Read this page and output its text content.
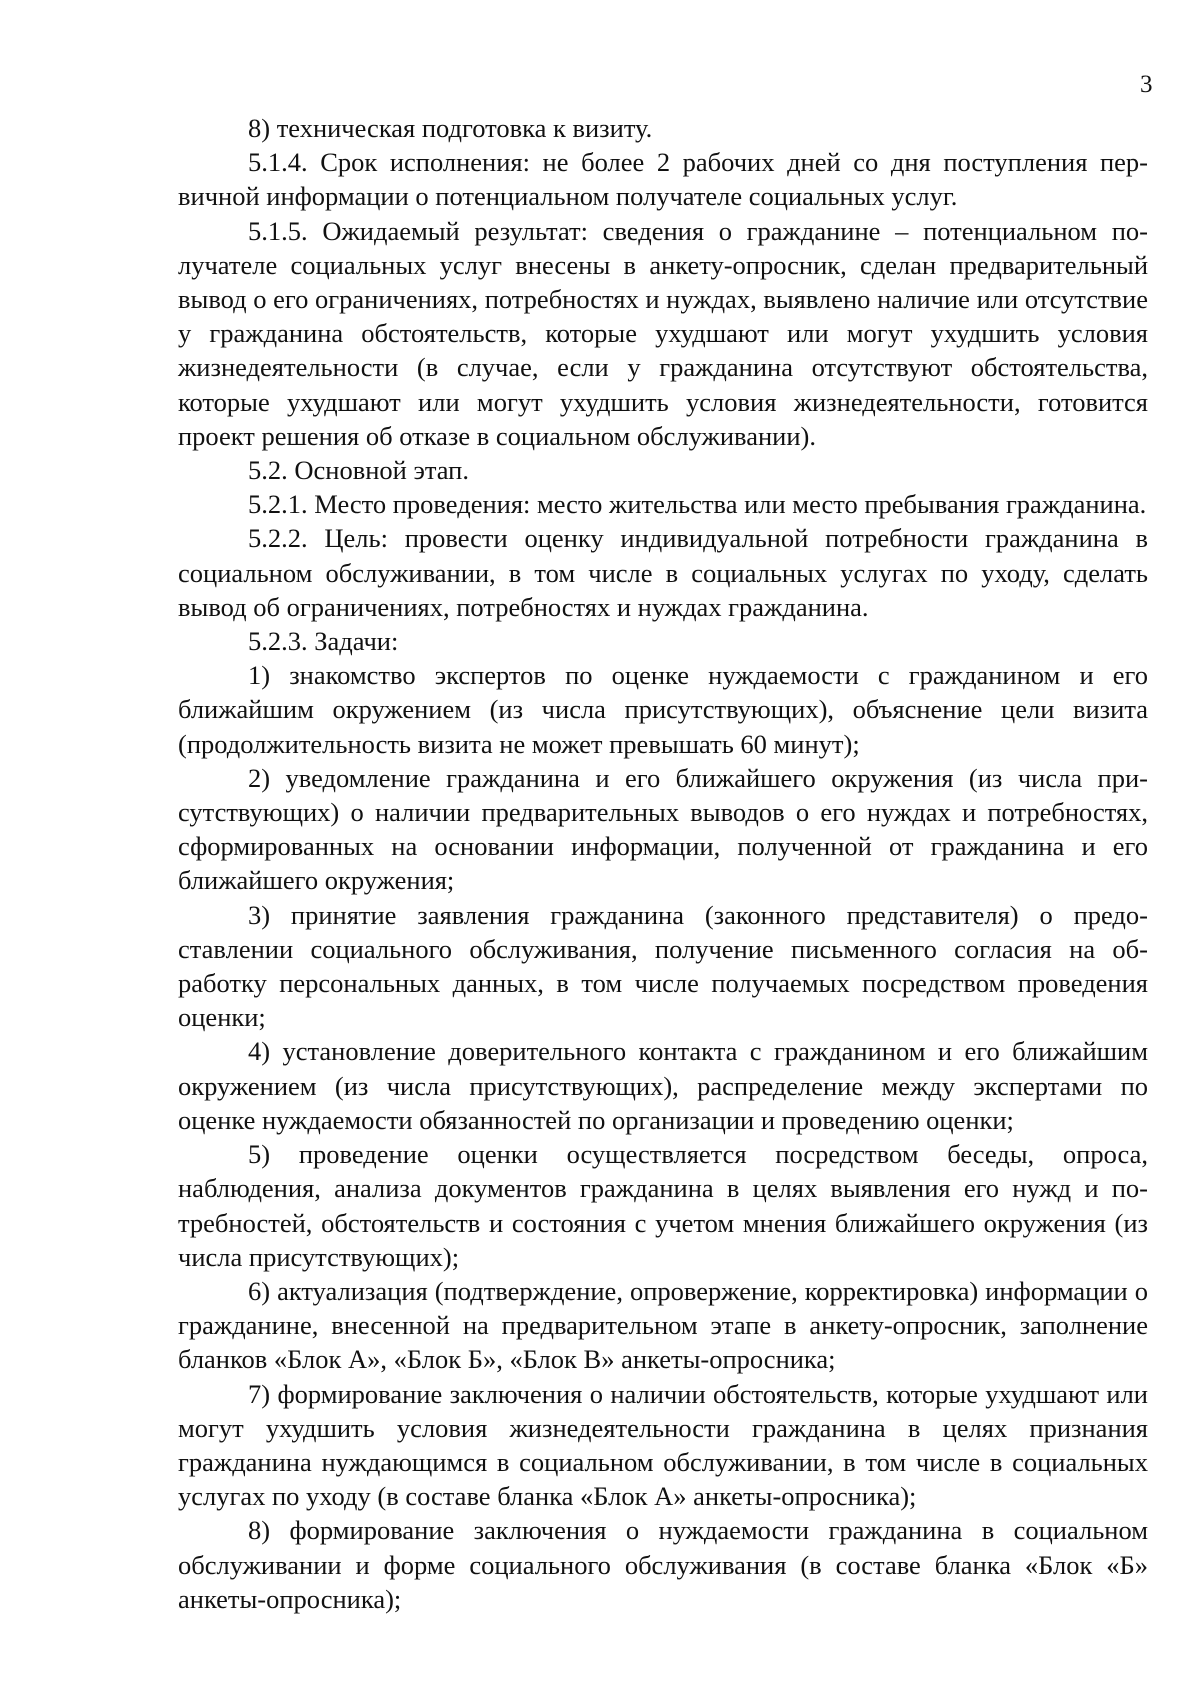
3

8) техническая подготовка к визиту.

5.1.4. Срок исполнения: не более 2 рабочих дней со дня поступления первичной информации о потенциальном получателе социальных услуг.

5.1.5. Ожидаемый результат: сведения о гражданине – потенциальном получателе социальных услуг внесены в анкету-опросник, сделан предварительный вывод о его ограничениях, потребностях и нуждах, выявлено наличие или отсутствие у гражданина обстоятельств, которые ухудшают или могут ухудшить условия жизнедеятельности (в случае, если у гражданина отсутствуют обстоятельства, которые ухудшают или могут ухудшить условия жизнедеятельности, готовится проект решения об отказе в социальном обслуживании).

5.2. Основной этап.

5.2.1. Место проведения: место жительства или место пребывания гражданина.

5.2.2. Цель: провести оценку индивидуальной потребности гражданина в социальном обслуживании, в том числе в социальных услугах по уходу, сделать вывод об ограничениях, потребностях и нуждах гражданина.

5.2.3. Задачи:

1) знакомство экспертов по оценке нуждаемости с гражданином и его ближайшим окружением (из числа присутствующих), объяснение цели визита (продолжительность визита не может превышать 60 минут);

2) уведомление гражданина и его ближайшего окружения (из числа присутствующих) о наличии предварительных выводов о его нуждах и потребностях, сформированных на основании информации, полученной от гражданина и его ближайшего окружения;

3) принятие заявления гражданина (законного представителя) о предоставлении социального обслуживания, получение письменного согласия на обработку персональных данных, в том числе получаемых посредством проведения оценки;

4) установление доверительного контакта с гражданином и его ближайшим окружением (из числа присутствующих), распределение между экспертами по оценке нуждаемости обязанностей по организации и проведению оценки;

5) проведение оценки осуществляется посредством беседы, опроса, наблюдения, анализа документов гражданина в целях выявления его нужд и потребностей, обстоятельств и состояния с учетом мнения ближайшего окружения (из числа присутствующих);

6) актуализация (подтверждение, опровержение, корректировка) информации о гражданине, внесенной на предварительном этапе в анкету-опросник, заполнение бланков «Блок А», «Блок Б», «Блок В» анкеты-опросника;

7) формирование заключения о наличии обстоятельств, которые ухудшают или могут ухудшить условия жизнедеятельности гражданина в целях признания гражданина нуждающимся в социальном обслуживании, в том числе в социальных услугах по уходу (в составе бланка «Блок А» анкеты-опросника);

8) формирование заключения о нуждаемости гражданина в социальном обслуживании и форме социального обслуживания (в составе бланка «Блок «Б» анкеты-опросника);
